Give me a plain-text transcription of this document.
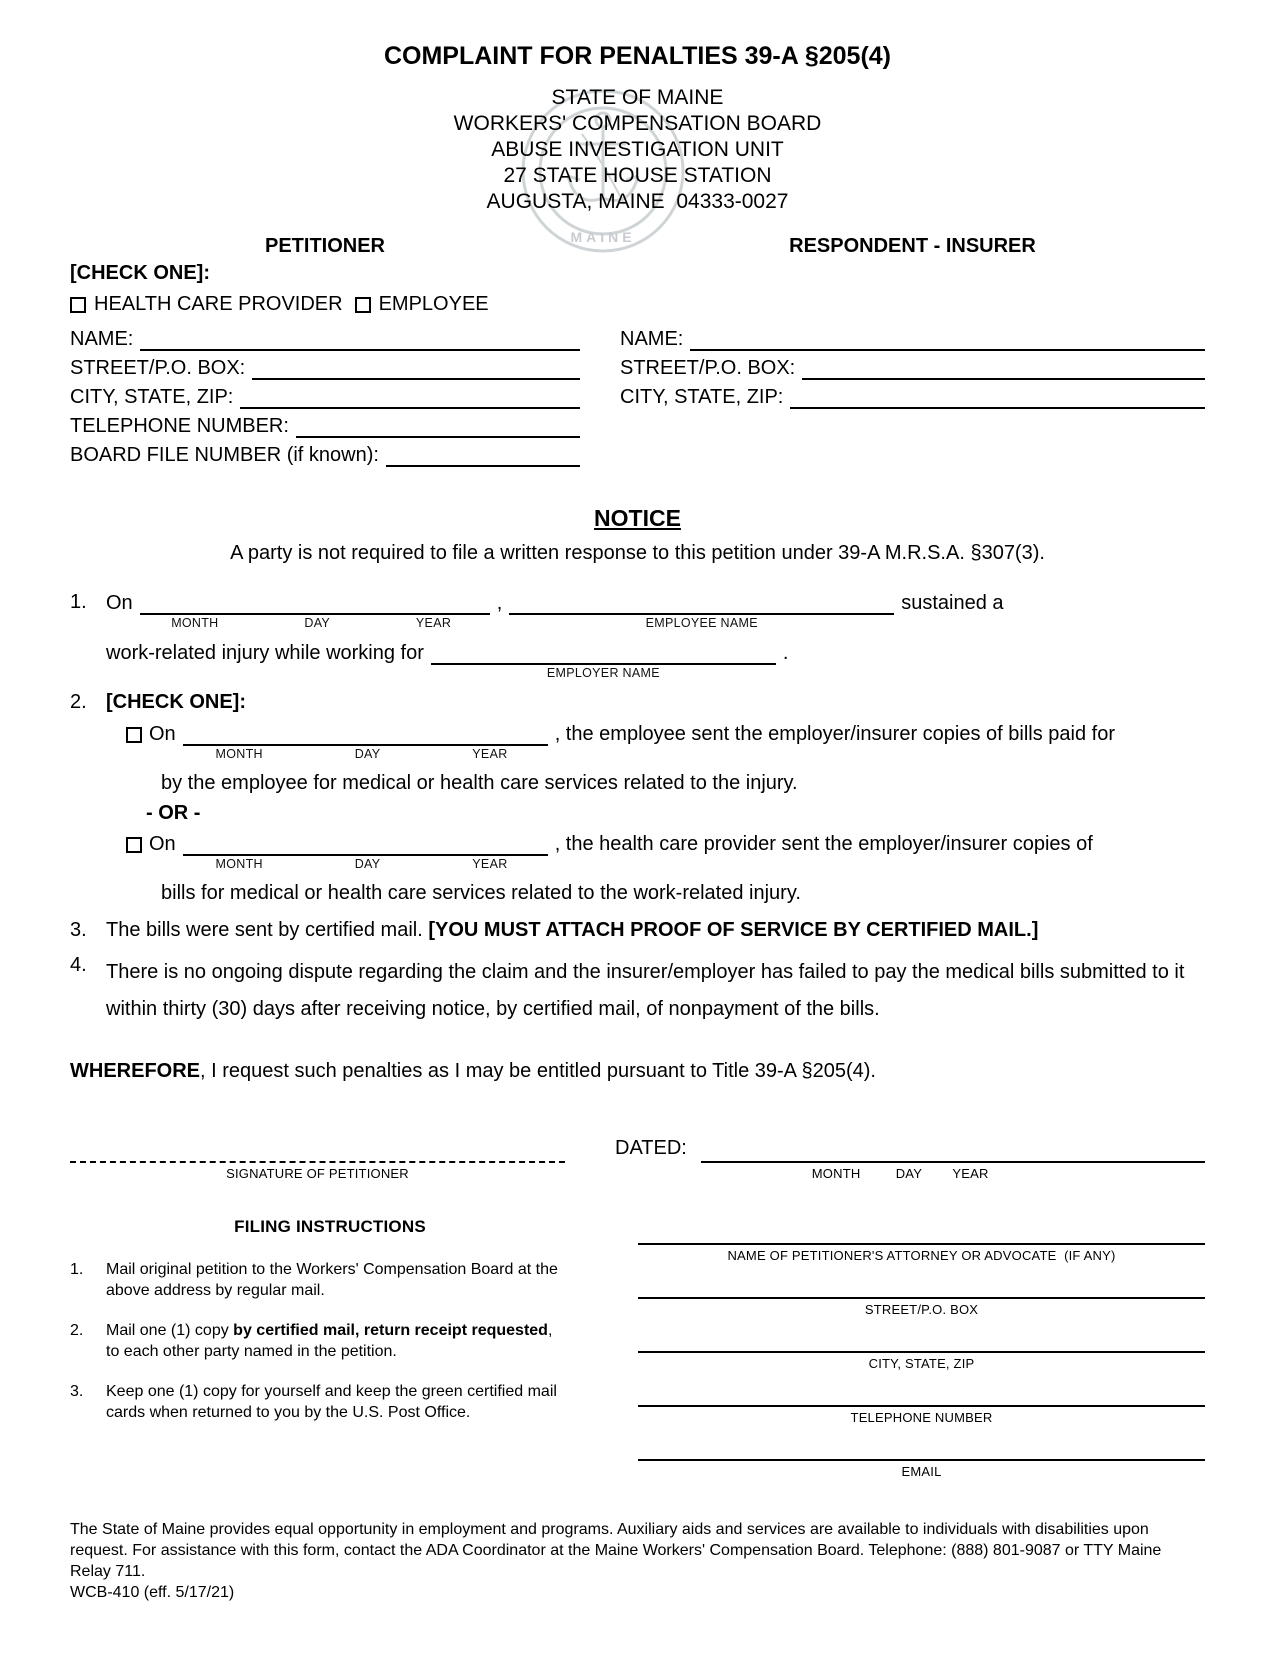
MAINE
COMPLAINT FOR PENALTIES 39-A §205(4)
STATE OF MAINE
WORKERS' COMPENSATION BOARD
ABUSE INVESTIGATION UNIT
27 STATE HOUSE STATION
AUGUSTA, MAINE  04333-0027
PETITIONER	RESPONDENT - INSURER
[CHECK ONE]:
HEALTH CARE PROVIDER EMPLOYEE
NAME:
STREET/P.O. BOX:
CITY, STATE, ZIP:
TELEPHONE NUMBER:
BOARD FILE NUMBER (if known):
NAME:
STREET/P.O. BOX:
CITY, STATE, ZIP:
NOTICE
A party is not required to file a written response to this petition under 39-A M.R.S.A. §307(3).
1. On
MONTH	DAY	YEAR
,
EMPLOYEE NAME
sustained a
work-related injury while working for
EMPLOYER NAME
.
2. [CHECK ONE]:
On
MONTH	DAY	YEAR
, the employee sent the employer/insurer copies of bills paid for
by the employee for medical or health care services related to the injury.
- OR -
On
MONTH	DAY	YEAR
, the health care provider sent the employer/insurer copies of
bills for medical or health care services related to the work-related injury.
3. The bills were sent by certified mail. [YOU MUST ATTACH PROOF OF SERVICE BY CERTIFIED MAIL.]
4. There is no ongoing dispute regarding the claim and the insurer/employer has failed to pay the medical bills submitted to it within thirty (30) days after receiving notice, by certified mail, of nonpayment of the bills.
WHEREFORE, I request such penalties as I may be entitled pursuant to Title 39-A §205(4).
SIGNATURE OF PETITIONER
DATED:
MONTH	DAY YEAR
FILING INSTRUCTIONS
1.	Mail original petition to the Workers' Compensation Board at the above address by regular mail.
2.	Mail one (1) copy by certified mail, return receipt requested, to each other party named in the petition.
3.	Keep one (1) copy for yourself and keep the green certified mail cards when returned to you by the U.S. Post Office.
NAME OF PETITIONER'S ATTORNEY OR ADVOCATE  (IF ANY)
STREET/P.O. BOX
CITY, STATE, ZIP
TELEPHONE NUMBER
EMAIL
The State of Maine provides equal opportunity in employment and programs. Auxiliary aids and services are available to individuals with disabilities upon request. For assistance with this form, contact the ADA Coordinator at the Maine Workers' Compensation Board. Telephone: (888) 801-9087 or TTY Maine Relay 711.
WCB-410 (eff. 5/17/21)
